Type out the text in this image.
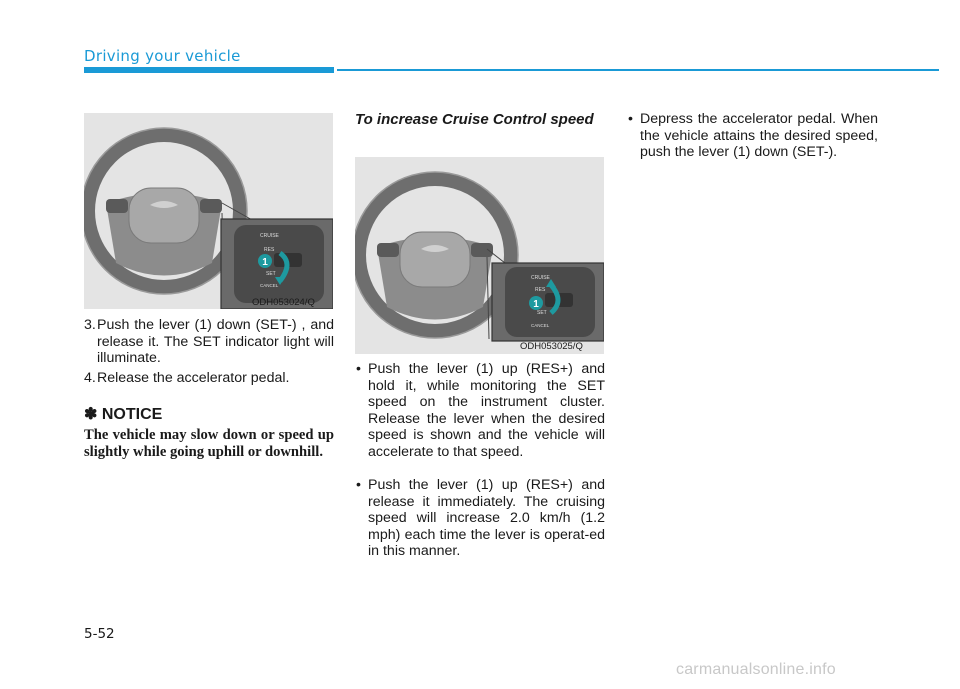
Driving your vehicle
CRUISE
RES
SET
CANCEL
1
ODH053024/Q
3. Push the lever (1) down (SET-) , and release it. The SET indicator light will illuminate.
4. Release the accelerator pedal.
✽ NOTICE
The vehicle may slow down or speed up slightly while going uphill or downhill.
To increase Cruise Control speed
CRUISE
RES
SET
CANCEL
1
ODH053025/Q
• Push the lever (1) up (RES+) and hold it, while monitoring the SET speed on the instrument cluster. Release the lever when the desired speed is shown and the vehicle will accelerate to that speed.
• Push the lever (1) up (RES+) and release it immediately. The cruising speed will increase 2.0 km/h (1.2 mph) each time the lever is operat-ed in this manner.
• Depress the accelerator pedal. When the vehicle attains the desired speed, push the lever (1) down (SET-).
5-52
carmanualsonline.info
